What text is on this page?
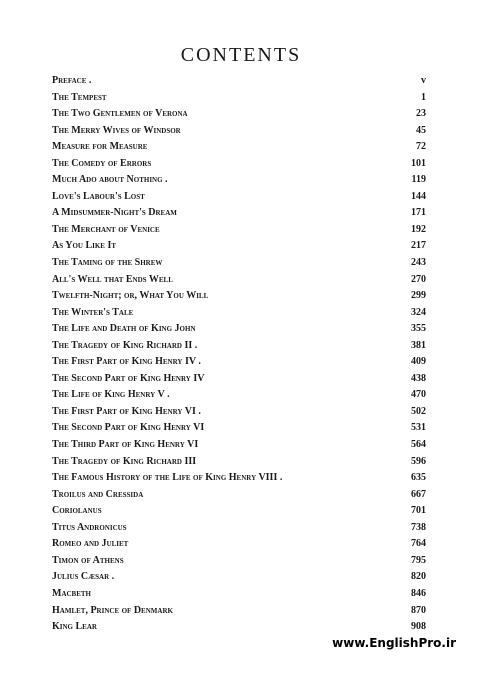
CONTENTS
Preface .	v
The Tempest	1
The Two Gentlemen of Verona	23
The Merry Wives of Windsor	45
Measure for Measure	72
The Comedy of Errors	101
Much Ado about Nothing .	119
Love's Labour's Lost	144
A Midsummer-Night's Dream	171
The Merchant of Venice	192
As You Like It	217
The Taming of the Shrew	243
All's Well that Ends Well	270
Twelfth-Night; or, What You Will	299
The Winter's Tale	324
The Life and Death of King John	355
The Tragedy of King Richard II .	381
The First Part of King Henry IV .	409
The Second Part of King Henry IV	438
The Life of King Henry V .	470
The First Part of King Henry VI .	502
The Second Part of King Henry VI	531
The Third Part of King Henry VI	564
The Tragedy of King Richard III	596
The Famous History of the Life of King Henry VIII .	635
Troilus and Cressida	667
Coriolanus	701
Titus Andronicus	738
Romeo and Juliet	764
Timon of Athens	795
Julius Cæsar .	820
Macbeth	846
Hamlet, Prince of Denmark	870
King Lear	908
www.EnglishPro.ir
